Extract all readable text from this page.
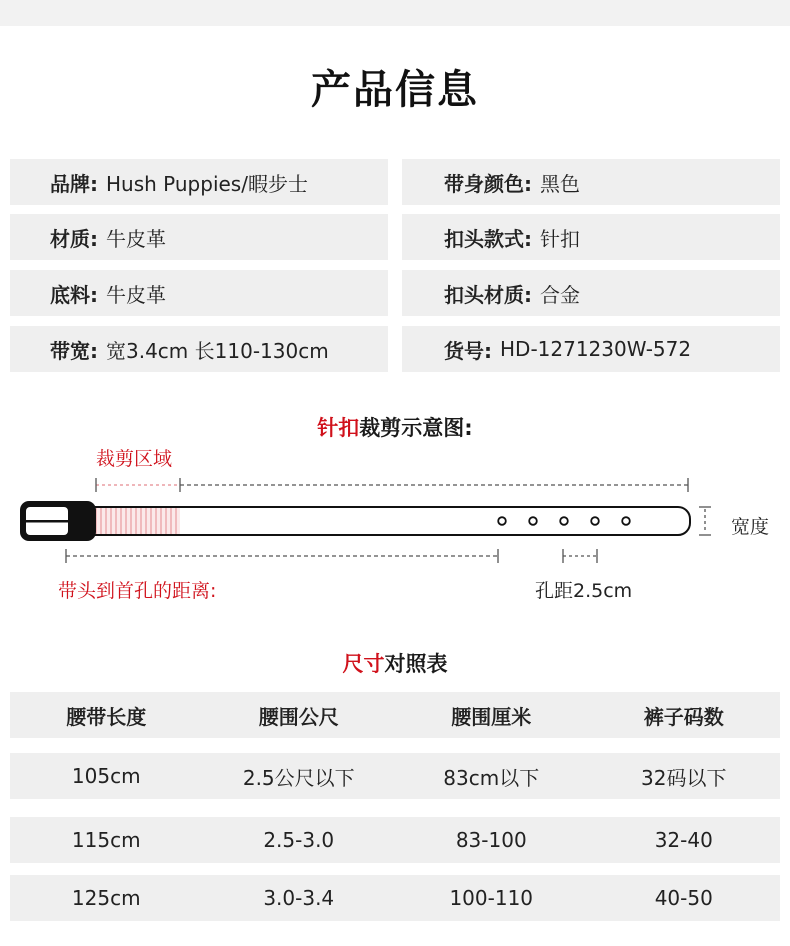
产品信息
品牌: Hush Puppies/暇步士	带身颜色: 黑色
材质: 牛皮革	扣头款式: 针扣
底料: 牛皮革	扣头材质: 合金
带宽: 宽3.4cm 长110-130cm	货号: HD-1271230W-572
针扣裁剪示意图:
裁剪区域
宽度
带头到首孔的距离:	孔距2.5cm
尺寸对照表
腰带长度	腰围公尺	腰围厘米	裤子码数
105cm	2.5公尺以下	83cm以下	32码以下
115cm	2.5-3.0	83-100	32-40
125cm	3.0-3.4	100-110	40-50
